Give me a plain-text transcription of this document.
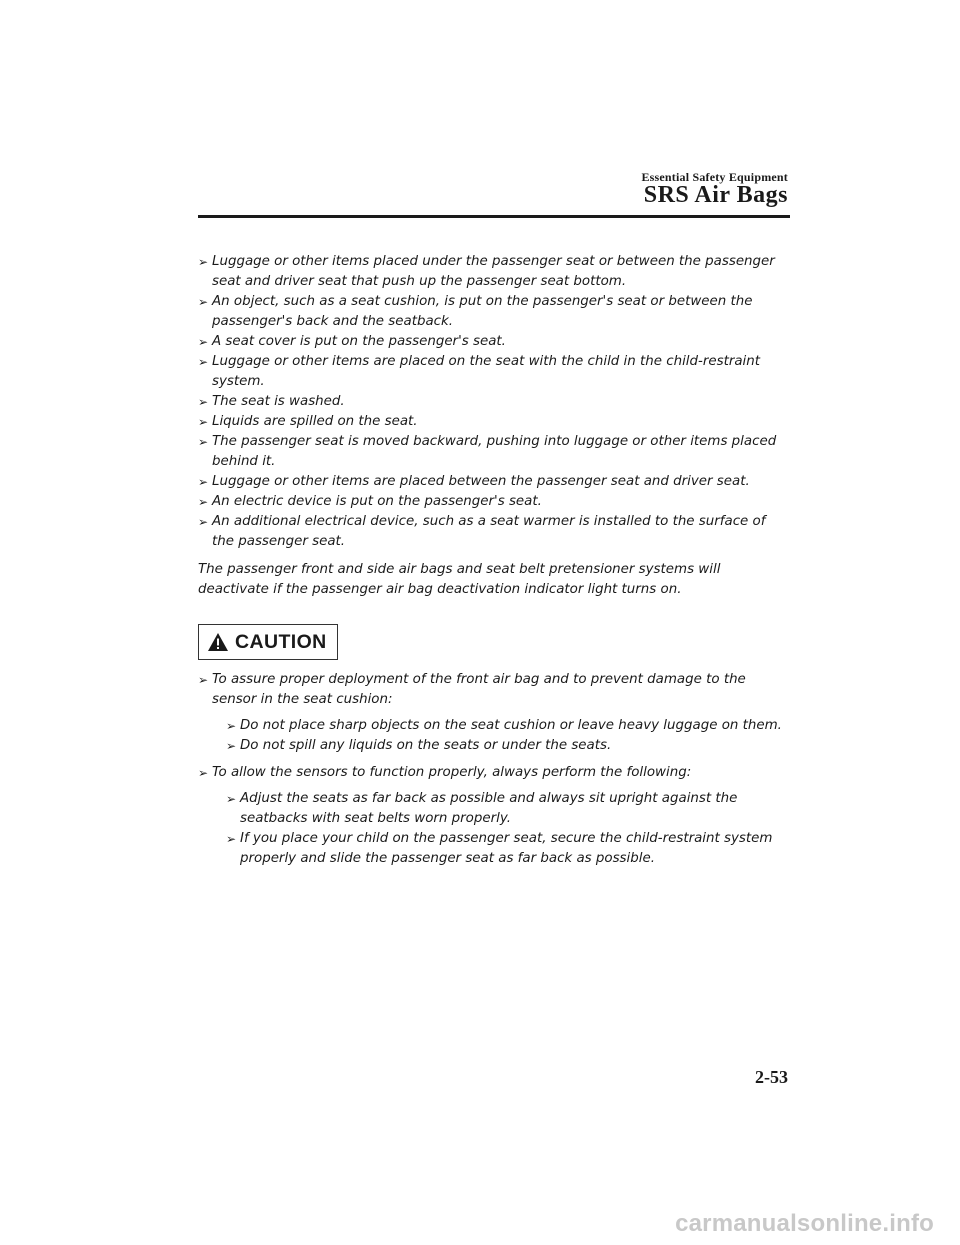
Essential Safety Equipment
SRS Air Bags
➢ Luggage or other items placed under the passenger seat or between the passenger seat and driver seat that push up the passenger seat bottom.
➢ An object, such as a seat cushion, is put on the passenger's seat or between the passenger's back and the seatback.
➢ A seat cover is put on the passenger's seat.
➢ Luggage or other items are placed on the seat with the child in the child-restraint system.
➢ The seat is washed.
➢ Liquids are spilled on the seat.
➢ The passenger seat is moved backward, pushing into luggage or other items placed behind it.
➢ Luggage or other items are placed between the passenger seat and driver seat.
➢ An electric device is put on the passenger's seat.
➢ An additional electrical device, such as a seat warmer is installed to the surface of the passenger seat.

The passenger front and side air bags and seat belt pretensioner systems will deactivate if the passenger air bag deactivation indicator light turns on.

CAUTION
➢ To assure proper deployment of the front air bag and to prevent damage to the sensor in the seat cushion:
➢ Do not place sharp objects on the seat cushion or leave heavy luggage on them.
➢ Do not spill any liquids on the seats or under the seats.
➢ To allow the sensors to function properly, always perform the following:
➢ Adjust the seats as far back as possible and always sit upright against the seatbacks with seat belts worn properly.
➢ If you place your child on the passenger seat, secure the child-restraint system properly and slide the passenger seat as far back as possible.
2-53
carmanualsonline.info
